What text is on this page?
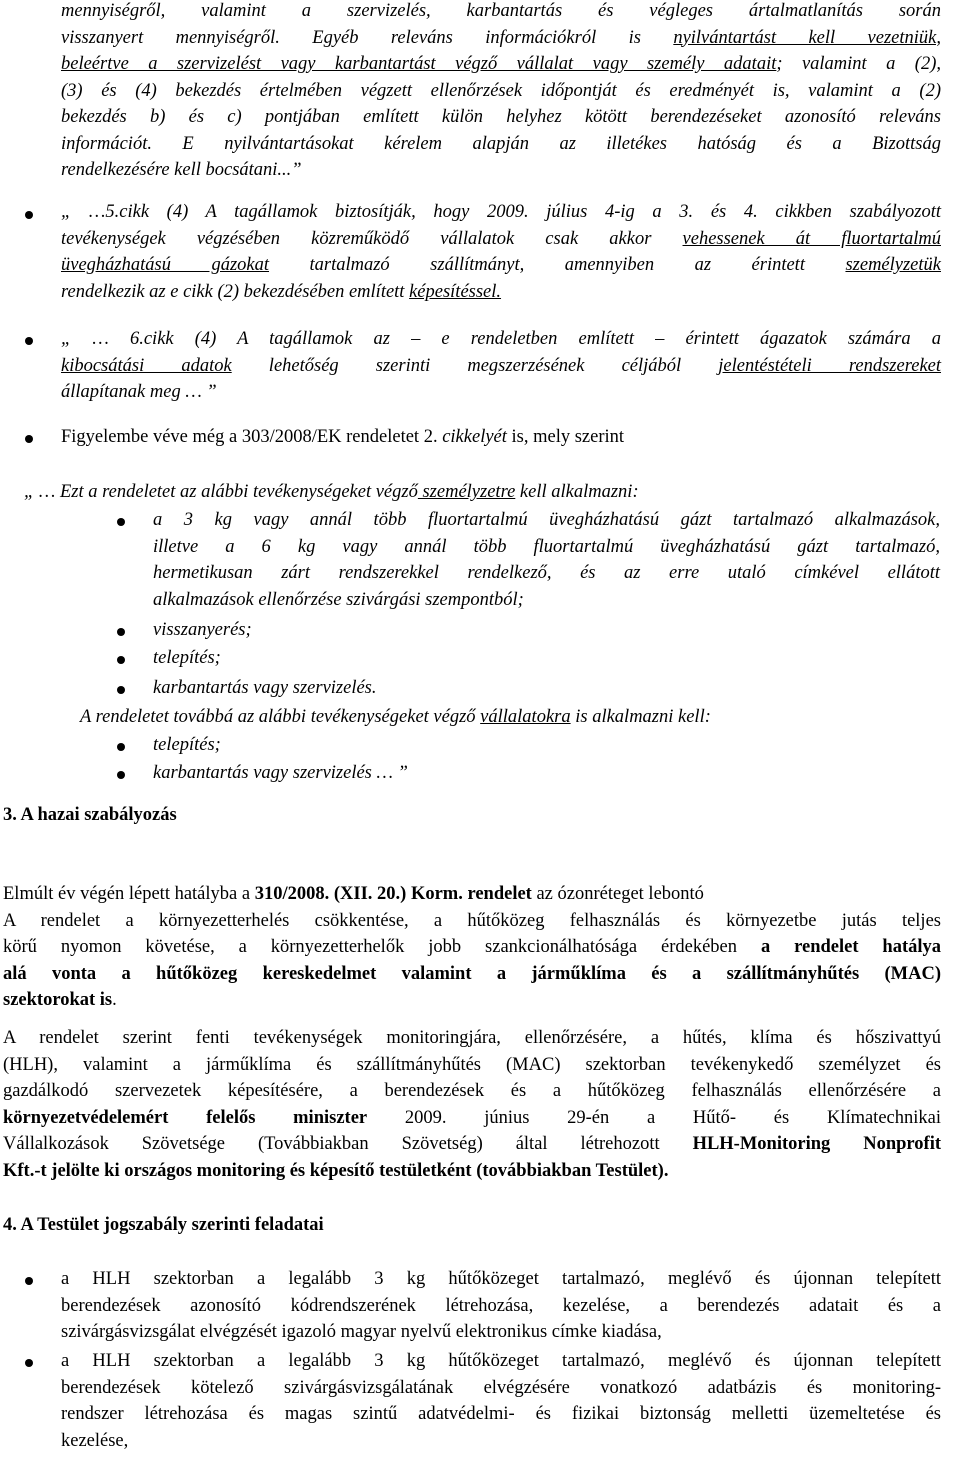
mennyiségről, valamint a szervizelés, karbantartás és végleges ártalmatlanítás során
visszanyert mennyiségről. Egyéb releváns információkról is nyilvántartást kell vezetniük,
beleértve a szervizelést vagy karbantartást végző vállalat vagy személy adatait; valamint a (2),
(3) és (4) bekezdés értelmében végzett ellenőrzések időpontját és eredményét is, valamint a (2)
bekezdés b) és c) pontjában említett külön helyhez kötött berendezéseket azonosító releváns
információt. E nyilvántartásokat kérelem alapján az illetékes hatóság és a Bizottság
rendelkezésére kell bocsátani...”
„ …5.cikk (4) A tagállamok biztosítják, hogy 2009. július 4-ig a 3. és 4. cikkben szabályozott
tevékenységek végzésében közreműködő vállalatok csak akkor vehessenek át fluortartalmú
üvegházhatású gázokat tartalmazó szállítmányt, amennyiben az érintett személyzetük
rendelkezik az e cikk (2) bekezdésében említett képesítéssel.
„ … 6.cikk (4) A tagállamok az – e rendeletben említett – érintett ágazatok számára a
kibocsátási adatok lehetőség szerinti megszerzésének céljából jelentéstételi rendszereket
állapítanak meg … ”
Figyelembe véve még a 303/2008/EK rendeletet 2. cikkelyét is, mely szerint
„ … Ezt a rendeletet az alábbi tevékenységeket végző személyzetre kell alkalmazni:
a 3 kg vagy annál több fluortartalmú üvegházhatású gázt tartalmazó alkalmazások,
illetve a 6 kg vagy annál több fluortartalmú üvegházhatású gázt tartalmazó,
hermetikusan zárt rendszerekkel rendelkező, és az erre utaló címkével ellátott
alkalmazások ellenőrzése szivárgási szempontból;
visszanyerés;
telepítés;
karbantartás vagy szervizelés.
A rendeletet továbbá az alábbi tevékenységeket végző vállalatokra is alkalmazni kell:
telepítés;
karbantartás vagy szervizelés … ”
3. A hazai szabályozás
Elmúlt év végén lépett hatályba a 310/2008. (XII. 20.) Korm. rendelet az ózonréteget lebontó
A rendelet a környezetterhelés csökkentése, a hűtőközeg felhasználás és környezetbe jutás teljes
körű nyomon követése, a környezetterhelők jobb szankcionálhatósága érdekében a rendelet hatálya
alá vonta a hűtőközeg kereskedelmet valamint a járműklíma és a szállítmányhűtés (MAC)
szektorokat is.
A rendelet szerint fenti tevékenységek monitoringjára, ellenőrzésére, a hűtés, klíma és hőszivattyú
(HLH), valamint a járműklíma és szállítmányhűtés (MAC) szektorban tevékenykedő személyzet és
gazdálkodó szervezetek képesítésére, a berendezések és a hűtőközeg felhasználás ellenőrzésére a
környezetvédelemért felelős miniszter 2009. június 29-én a Hűtő- és Klímatechnikai
Vállalkozások Szövetsége (Továbbiakban Szövetség) által létrehozott HLH-Monitoring Nonprofit
Kft.-t jelölte ki országos monitoring és képesítő testületként (továbbiakban Testület).
4. A Testület jogszabály szerinti feladatai
a HLH szektorban a legalább 3 kg hűtőközeget tartalmazó, meglévő és újonnan telepített
berendezések azonosító kódrendszerének létrehozása, kezelése, a berendezés adatait és a
szivárgásvizsgálat elvégzését igazoló magyar nyelvű elektronikus címke kiadása,
a HLH szektorban a legalább 3 kg hűtőközeget tartalmazó, meglévő és újonnan telepített
berendezések kötelező szivárgásvizsgálatának elvégzésére vonatkozó adatbázis és monitoring-
rendszer létrehozása és magas szintű adatvédelmi- és fizikai biztonság melletti üzemeltetése és
kezelése,
